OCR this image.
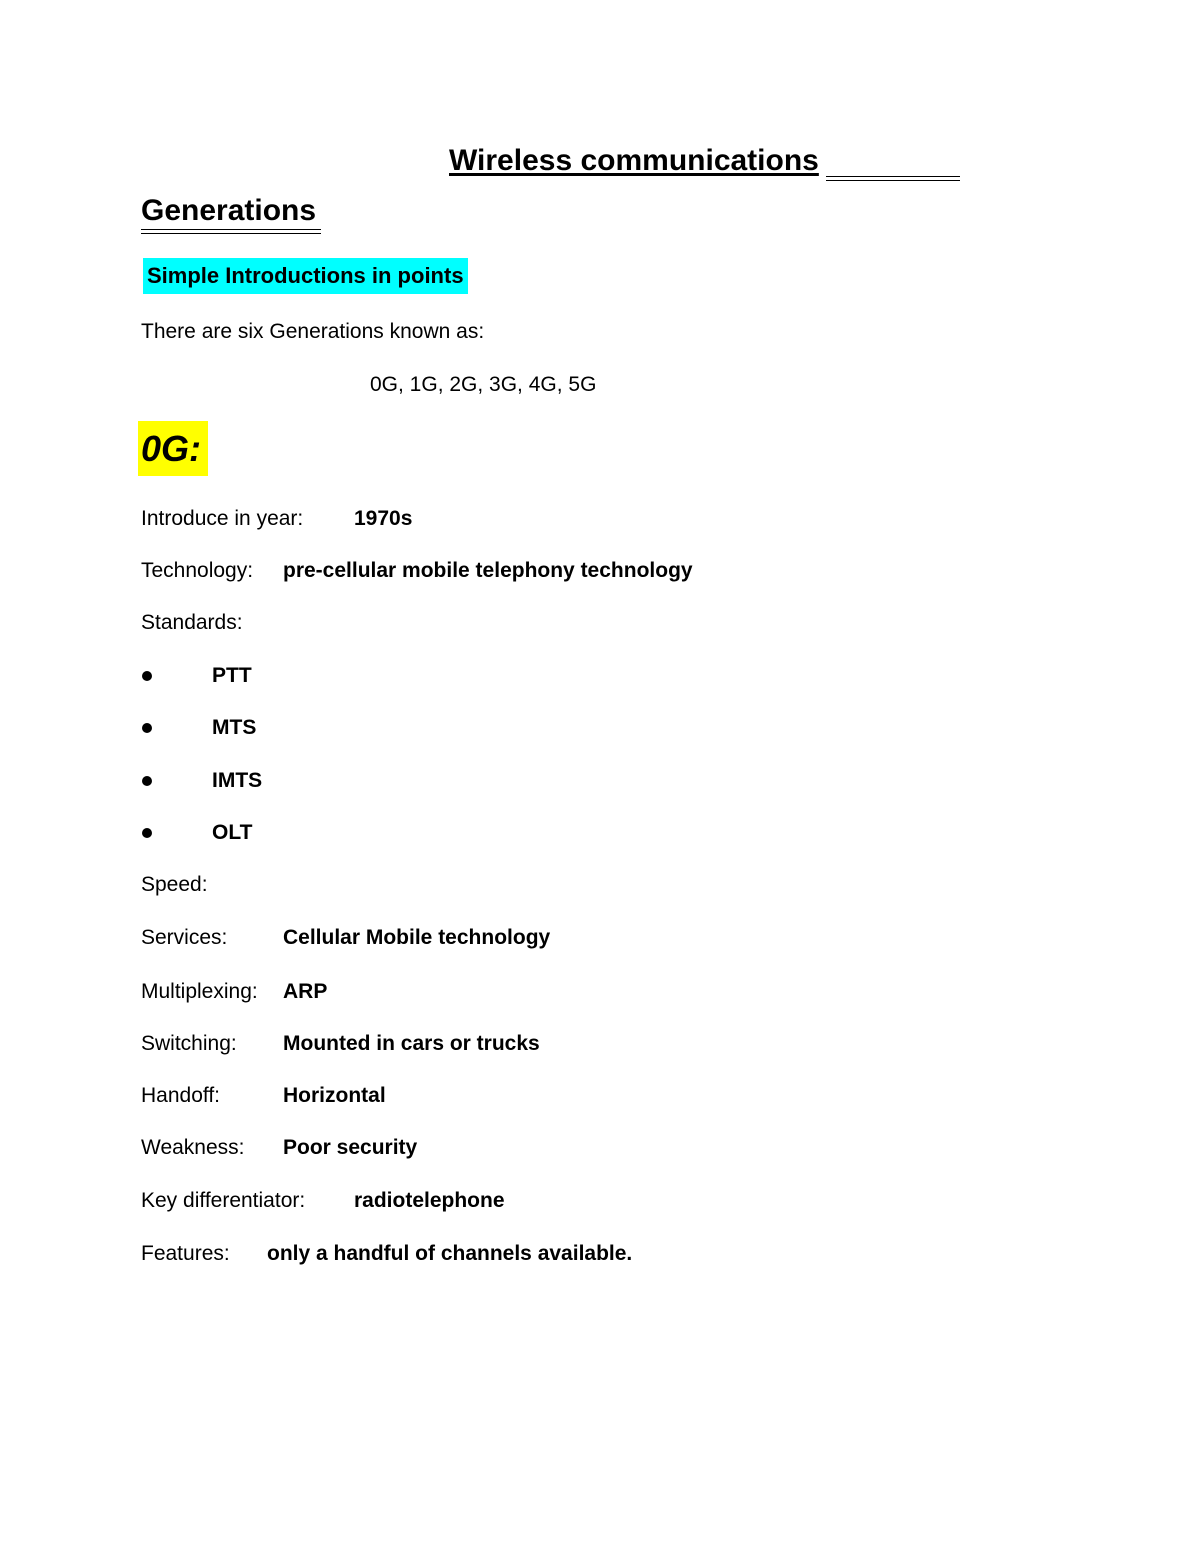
Wireless communications
Generations
Simple Introductions in points
There are six Generations known as:
0G, 1G, 2G, 3G, 4G, 5G
0G:
Introduce in year: 1970s
Technology: pre-cellular mobile telephony technology
Standards:
PTT
MTS
IMTS
OLT
Speed:
Services:	Cellular Mobile technology
Multiplexing: ARP
Switching: Mounted in cars or trucks
Handoff:	Horizontal
Weakness: Poor security
Key differentiator: radiotelephone
Features: only a handful of channels available.
